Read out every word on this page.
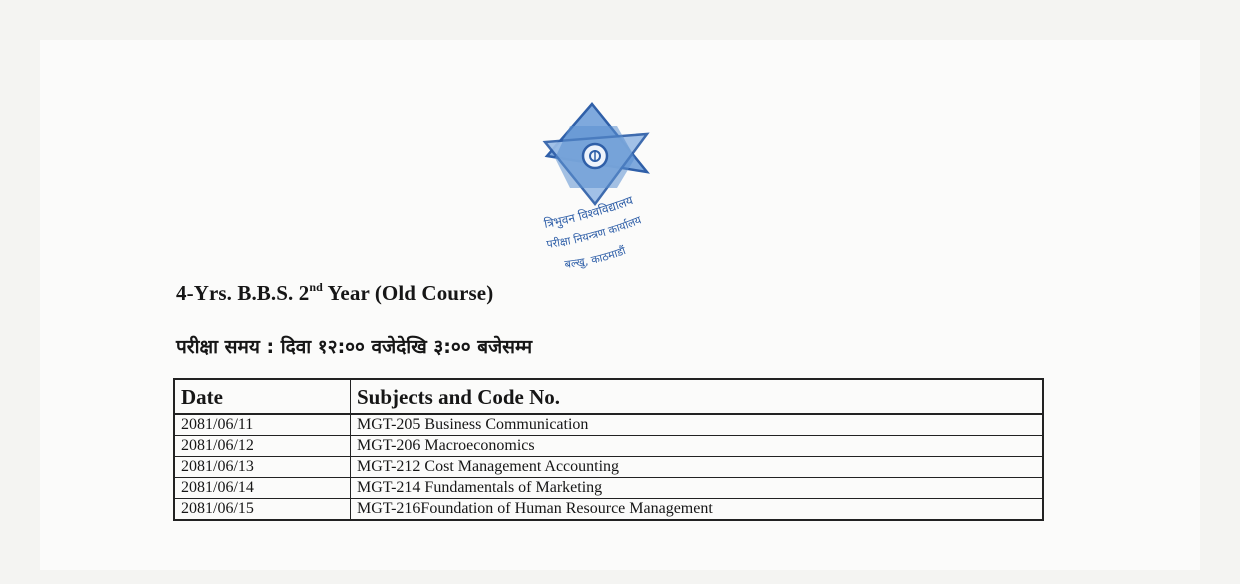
त्रिभुवन विश्वविद्यालय
परीक्षा नियन्त्रण कार्यालय
बल्खु, काठमाडौं
4-Yrs. B.B.S. 2nd Year (Old Course)
परीक्षा समय : दिवा १२:०० वजेदेखि ३:०० बजेसम्म
Date	Subjects and Code No.
2081/06/11	MGT-205 Business Communication
2081/06/12	MGT-206 Macroeconomics
2081/06/13	MGT-212 Cost Management Accounting
2081/06/14	MGT-214 Fundamentals of Marketing
2081/06/15	MGT-216Foundation of Human Resource Management
